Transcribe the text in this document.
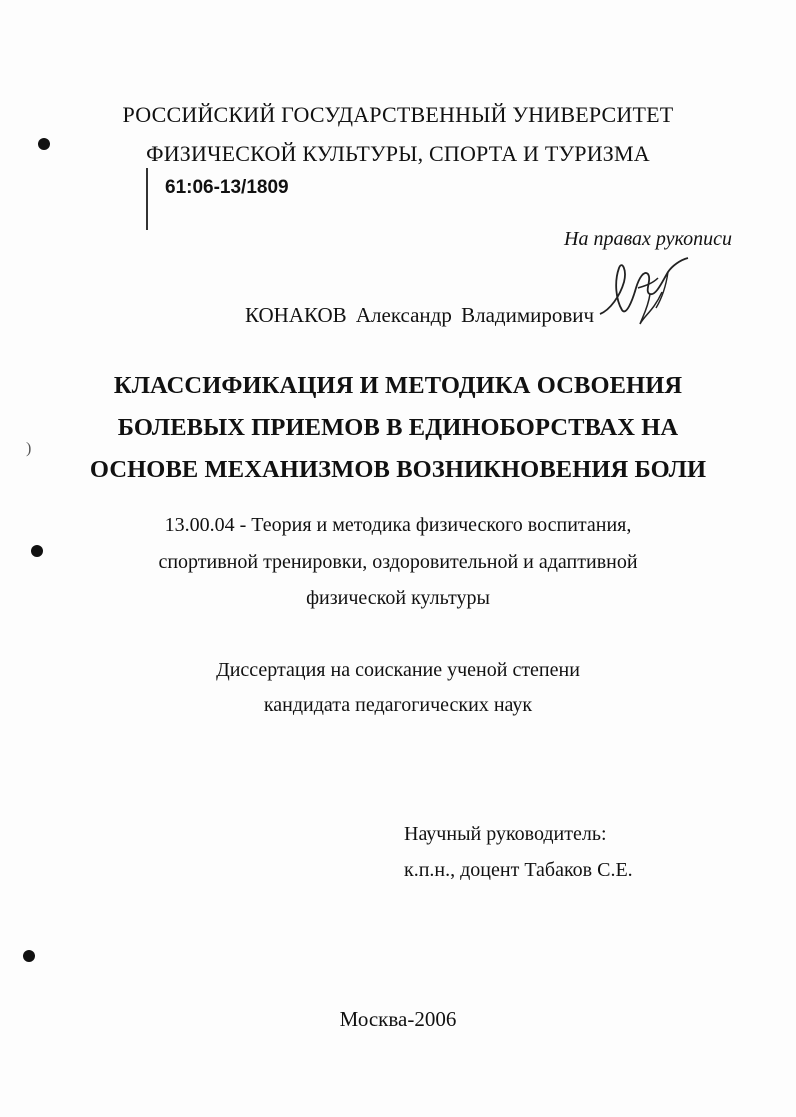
)
РОССИЙСКИЙ ГОСУДАРСТВЕННЫЙ УНИВЕРСИТЕТ
ФИЗИЧЕСКОЙ КУЛЬТУРЫ, СПОРТА И ТУРИЗМА
61:06-13/1809
На правах рукописи
КОНАКОВ Александр Владимирович
КЛАССИФИКАЦИЯ И МЕТОДИКА ОСВОЕНИЯ
БОЛЕВЫХ ПРИЕМОВ В ЕДИНОБОРСТВАХ НА
ОСНОВЕ МЕХАНИЗМОВ ВОЗНИКНОВЕНИЯ БОЛИ
13.00.04 - Теория и методика физического воспитания,
спортивной тренировки, оздоровительной и адаптивной
физической культуры
Диссертация на соискание ученой степени
кандидата педагогических наук
Научный руководитель:
к.п.н., доцент Табаков С.Е.
Москва-2006
